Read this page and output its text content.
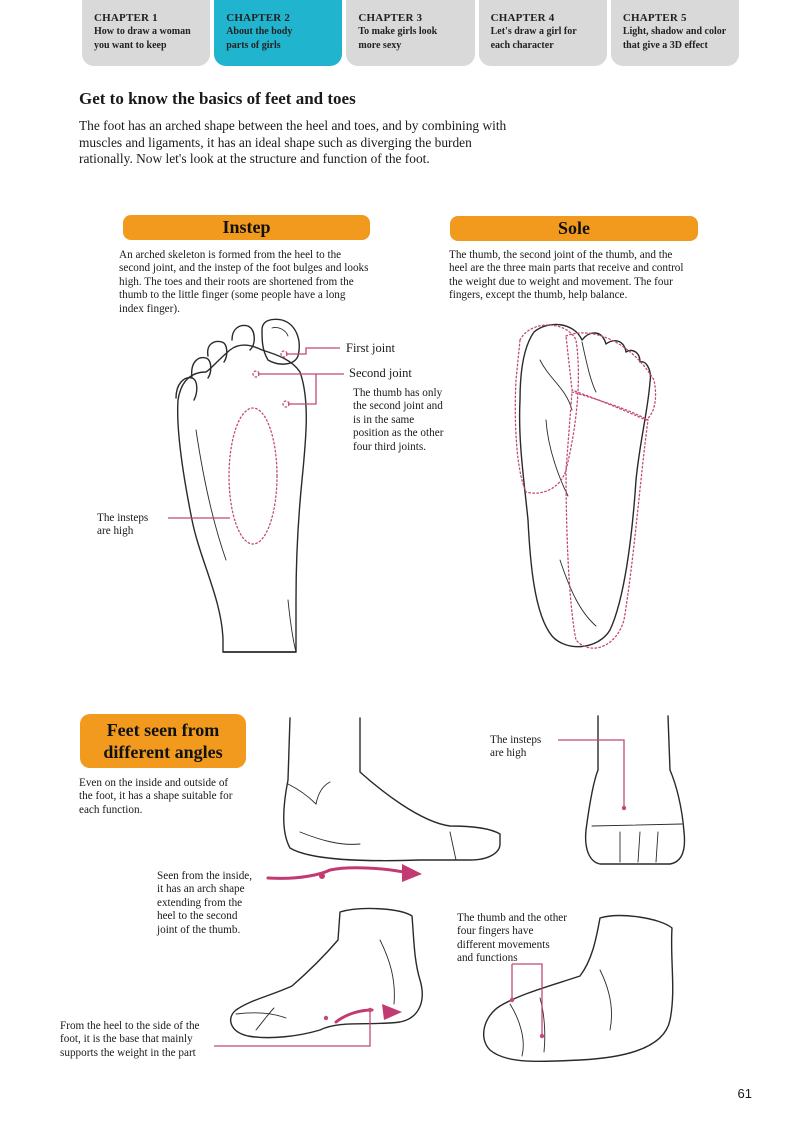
CHAPTER 1
How to draw a woman
you want to keep
CHAPTER 2
About the body
parts of girls
CHAPTER 3
To make girls look
more sexy
CHAPTER 4
Let's draw a girl for
each character
CHAPTER 5
Light, shadow and color
that give a 3D effect
Get to know the basics of feet and toes
The foot has an arched shape between the heel and toes, and by combining with
muscles and ligaments, it has an ideal shape such as diverging the burden
rationally. Now let's look at the structure and function of the foot.
Instep
An arched skeleton is formed from the heel to the
second joint, and the instep of the foot bulges and looks
high. The toes and their roots are shortened from the
thumb to the little finger (some people have a long
index finger).
First joint
Second joint
The thumb has only
the second joint and
is in the same
position as the other
four third joints.
The insteps
are high
Sole
The thumb, the second joint of the thumb, and the
heel are the three main parts that receive and control
the weight due to weight and movement. The four
fingers, except the thumb, help balance.
Feet seen from
different angles
Even on the inside and outside of
the foot, it has a shape suitable for
each function.
Seen from the inside,
it has an arch shape
extending from the
heel to the second
joint of the thumb.
The insteps
are high
The thumb and the other
four fingers have
different movements
and functions
From the heel to the side of the
foot, it is the base that mainly
supports the weight in the part
61
